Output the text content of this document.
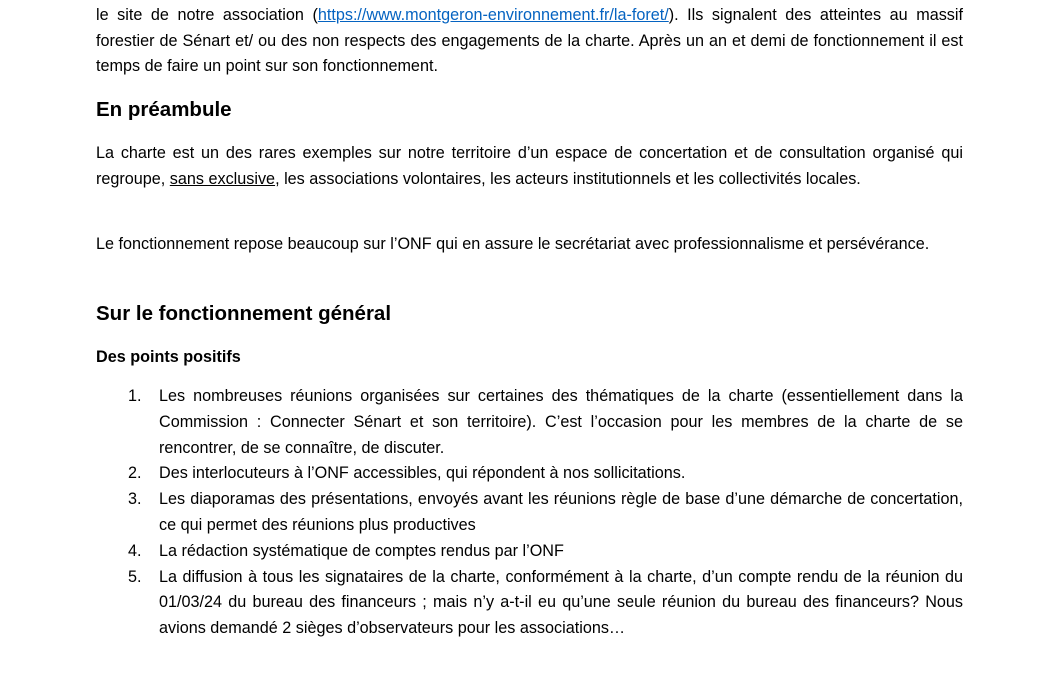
le site de notre association (https://www.montgeron-environnement.fr/la-foret/). Ils signalent des atteintes au massif forestier de Sénart et/ ou des non respects des engagements de la charte. Après un an et demi de fonctionnement il est temps de faire un point sur son fonctionnement.

En préambule

La charte est un des rares exemples sur notre territoire d’un espace de concertation et de consultation organisé qui regroupe, sans exclusive, les associations volontaires, les acteurs institutionnels et les collectivités locales.

Le fonctionnement repose beaucoup sur l’ONF qui en assure le secrétariat avec professionnalisme et persévérance.

Sur le fonctionnement général
Des points positifs
1. Les nombreuses réunions organisées sur certaines des thématiques de la charte (essentiellement dans la Commission : Connecter Sénart et son territoire). C’est l’occasion pour les membres de la charte de se rencontrer, de se connaître, de discuter.
2. Des interlocuteurs à l’ONF accessibles, qui répondent à nos sollicitations.
3. Les diaporamas des présentations, envoyés avant les réunions règle de base d’une démarche de concertation, ce qui permet des réunions plus productives
4. La rédaction systématique de comptes rendus par l’ONF
5. La diffusion à tous les signataires de la charte, conformément à la charte, d’un compte rendu de la réunion du 01/03/24 du bureau des financeurs ; mais n’y a-t-il eu qu’une seule réunion du bureau des financeurs? Nous avions demandé 2 sièges d’observateurs pour les associations…
